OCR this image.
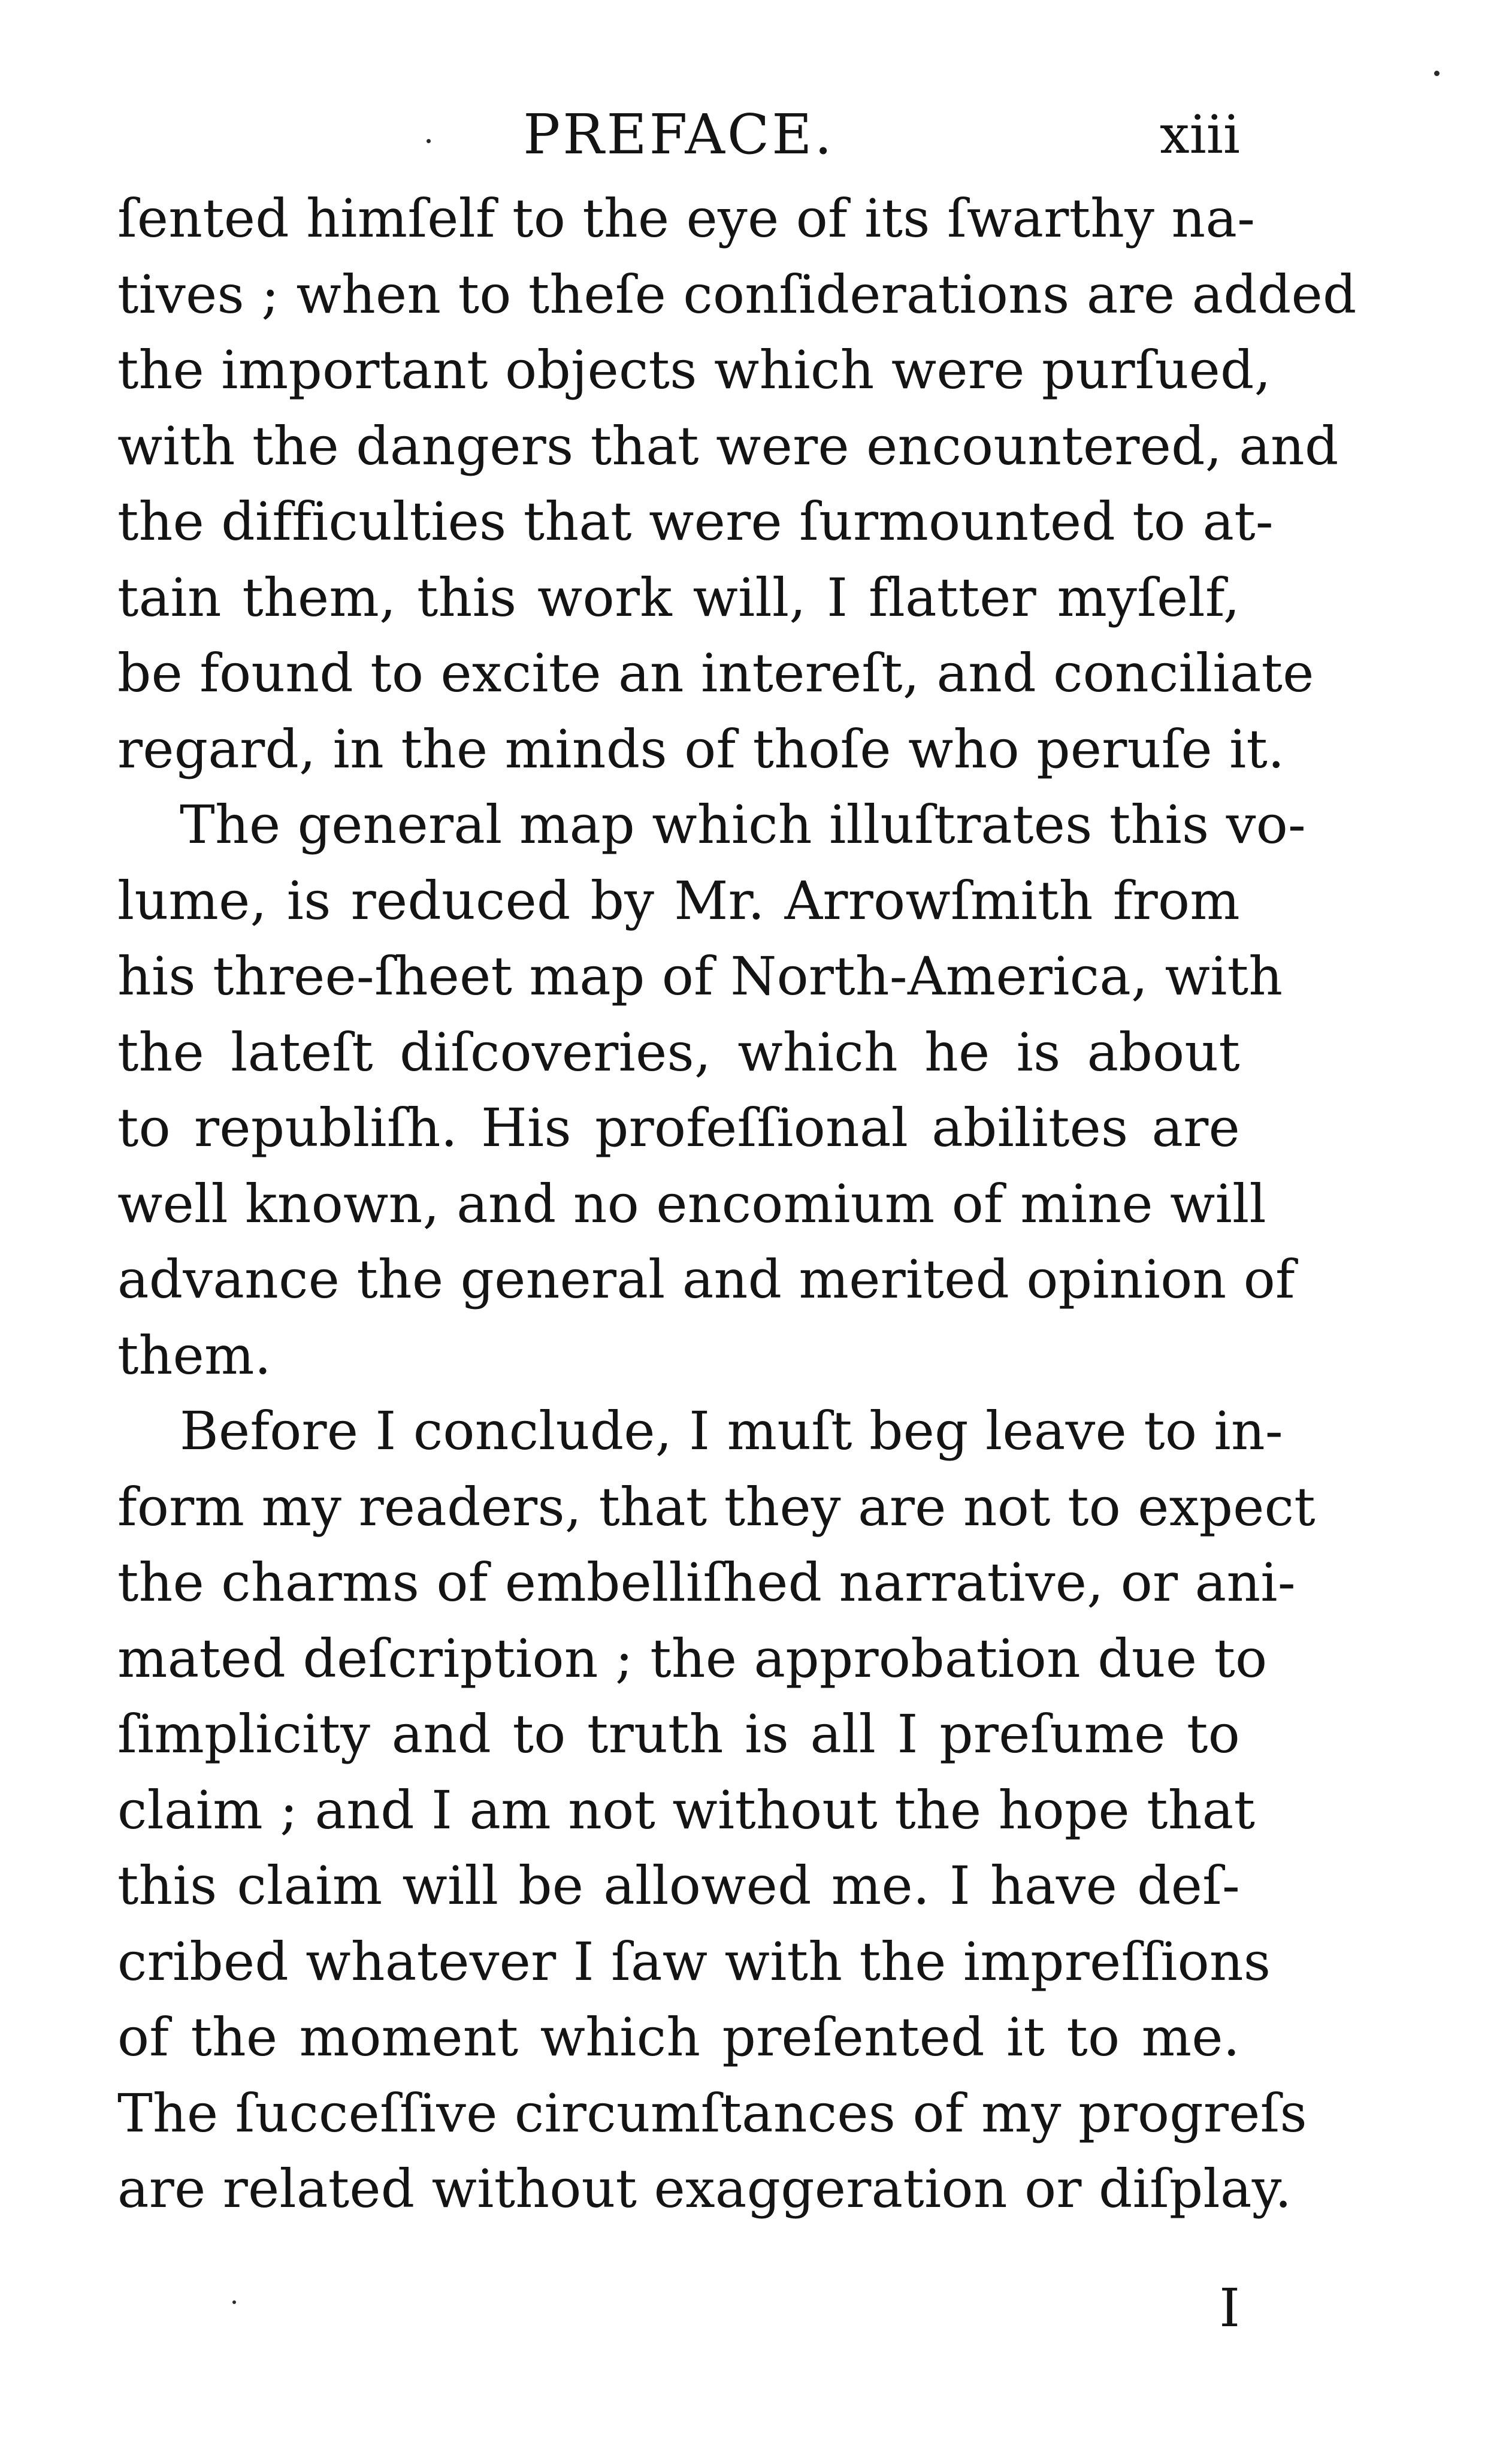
PREFACE.	xiii
ſented himſelf to the eye of its ſwarthy na-
tives ; when to theſe conſiderations are added
the important objects which were purſued,
with the dangers that were encountered, and
the difficulties that were ſurmounted to at-
tain them, this work will, I flatter myſelf,
be found to excite an intereſt, and conciliate
regard, in the minds of thoſe who peruſe it.
The general map which illuſtrates this vo-
lume, is reduced by Mr. Arrowſmith from
his three-ſheet map of North-America, with
the lateſt diſcoveries, which he is about
to republiſh. His profeſſional abilites are
well known, and no encomium of mine will
advance the general and merited opinion of
them.
Before I conclude, I muſt beg leave to in-
form my readers, that they are not to expect
the charms of embelliſhed narrative, or ani-
mated deſcription ; the approbation due to
ſimplicity and to truth is all I preſume to
claim ; and I am not without the hope that
this claim will be allowed me. I have deſ-
cribed whatever I ſaw with the impreſſions
of the moment which preſented it to me.
The ſucceſſive circumſtances of my progreſs
are related without exaggeration or diſplay.
I
